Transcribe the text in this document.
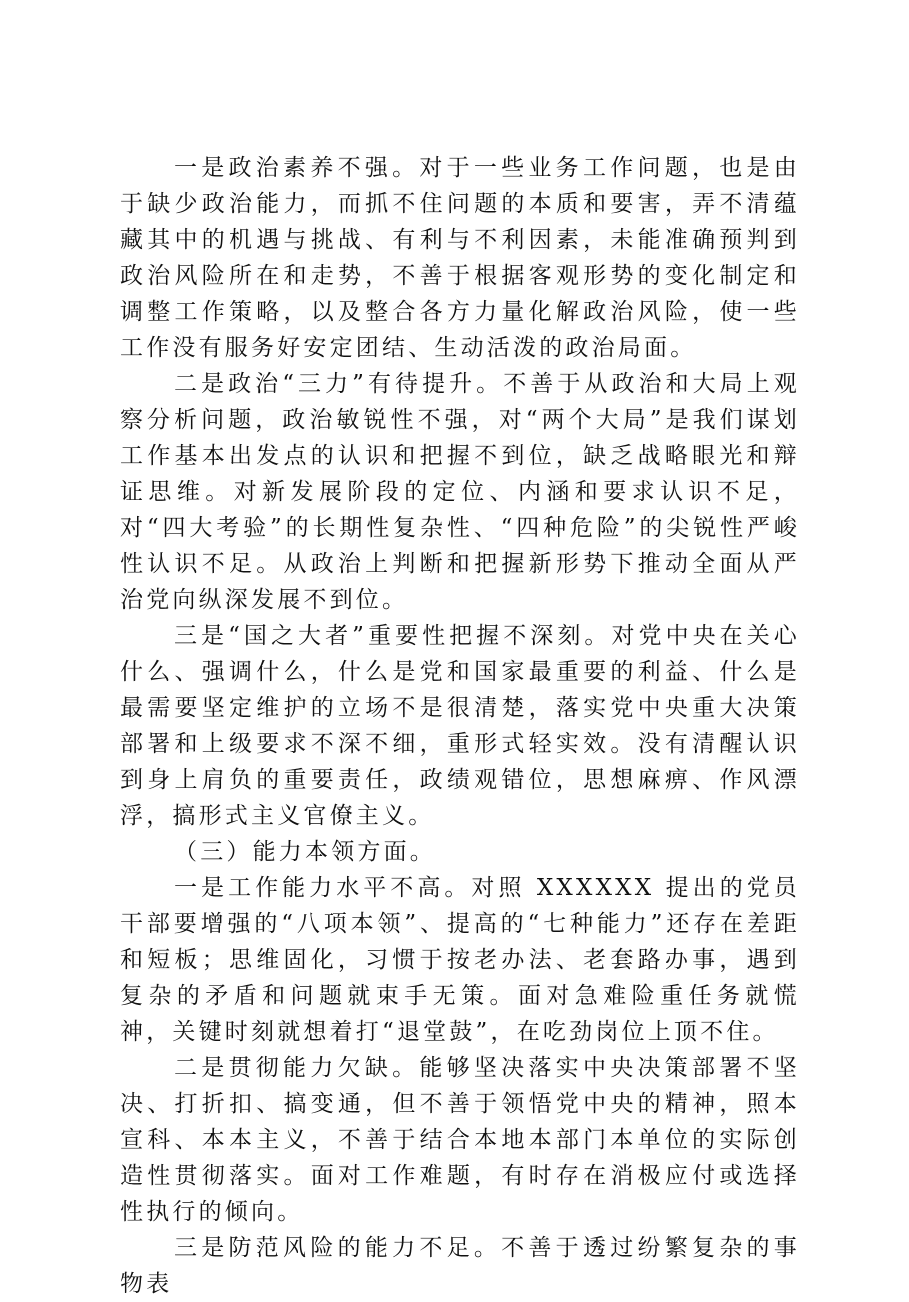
一是政治素养不强。对于一些业务工作问题，也是由于缺少政治能力，而抓不住问题的本质和要害，弄不清蕴藏其中的机遇与挑战、有利与不利因素，未能准确预判到政治风险所在和走势，不善于根据客观形势的变化制定和调整工作策略，以及整合各方力量化解政治风险，使一些工作没有服务好安定团结、生动活泼的政治局面。

二是政治“三力”有待提升。不善于从政治和大局上观察分析问题，政治敏锐性不强，对“两个大局”是我们谋划工作基本出发点的认识和把握不到位，缺乏战略眼光和辩证思维。对新发展阶段的定位、内涵和要求认识不足，对“四大考验”的长期性复杂性、“四种危险”的尖锐性严峻性认识不足。从政治上判断和把握新形势下推动全面从严治党向纵深发展不到位。

三是“国之大者”重要性把握不深刻。对党中央在关心什么、强调什么，什么是党和国家最重要的利益、什么是最需要坚定维护的立场不是很清楚，落实党中央重大决策部署和上级要求不深不细，重形式轻实效。没有清醒认识到身上肩负的重要责任，政绩观错位，思想麻痹、作风漂浮，搞形式主义官僚主义。

（三）能力本领方面。

一是工作能力水平不高。对照 XXXXXX 提出的党员干部要增强的“八项本领”、提高的“七种能力”还存在差距和短板；思维固化，习惯于按老办法、老套路办事，遇到复杂的矛盾和问题就束手无策。面对急难险重任务就慌神，关键时刻就想着打“退堂鼓”，在吃劲岗位上顶不住。

二是贯彻能力欠缺。能够坚决落实中央决策部署不坚决、打折扣、搞变通，但不善于领悟党中央的精神，照本宣科、本本主义，不善于结合本地本部门本单位的实际创造性贯彻落实。面对工作难题，有时存在消极应付或选择性执行的倾向。

三是防范风险的能力不足。不善于透过纷繁复杂的事物表
